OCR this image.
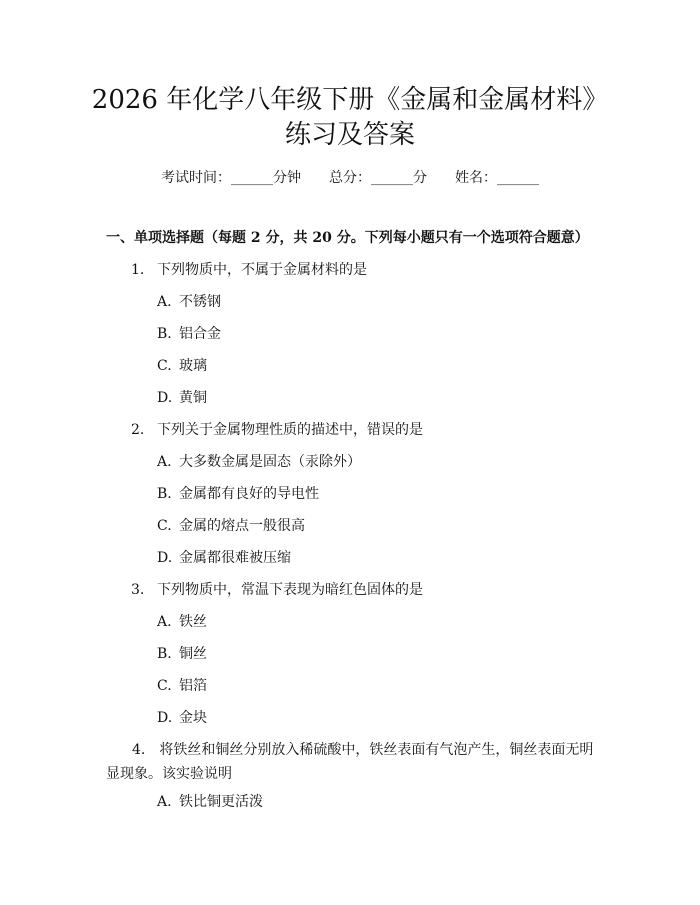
2026 年化学八年级下册《金属和金属材料》
练习及答案
考试时间：______分钟 总分：______分 姓名：______
一、单项选择题（每题 2 分，共 20 分。下列每小题只有一个选项符合题意）
1. 下列物质中，不属于金属材料的是
A. 不锈钢
B. 铝合金
C. 玻璃
D. 黄铜
2. 下列关于金属物理性质的描述中，错误的是
A. 大多数金属是固态（汞除外）
B. 金属都有良好的导电性
C. 金属的熔点一般很高
D. 金属都很难被压缩
3. 下列物质中，常温下表现为暗红色固体的是
A. 铁丝
B. 铜丝
C. 铝箔
D. 金块
4.  将铁丝和铜丝分别放入稀硫酸中，铁丝表面有气泡产生，铜丝表面无明显现象。该实验说明
A. 铁比铜更活泼
